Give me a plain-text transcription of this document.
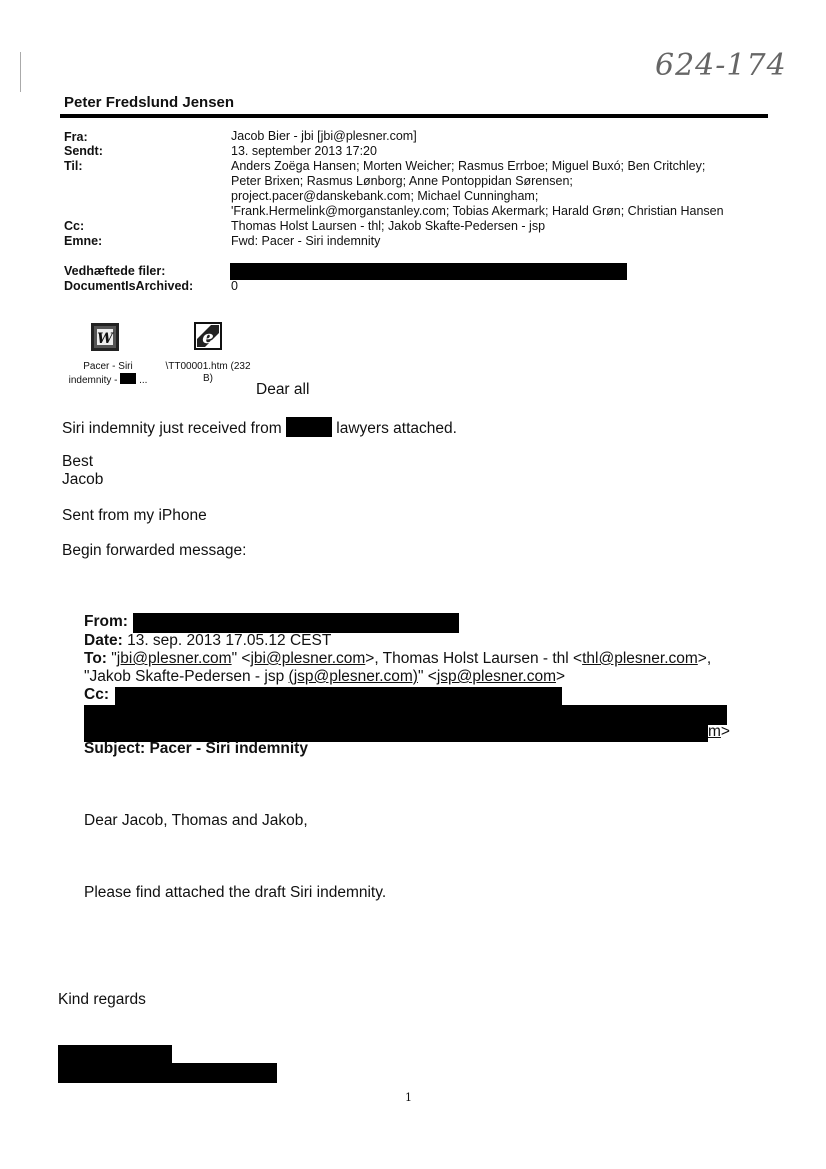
624-174
Peter Fredslund Jensen
Fra:
Sendt:
Til:
Cc:
Emne:
Vedhæftede filer:
DocumentIsArchived:
Jacob Bier - jbi [jbi@plesner.com]
13. september 2013 17:20
Anders Zoëga Hansen; Morten Weicher; Rasmus Errboe; Miguel Buxó; Ben Critchley;
Peter Brixen; Rasmus Lønborg; Anne Pontoppidan Sørensen;
project.pacer@danskebank.com; Michael Cunningham;
'Frank.Hermelink@morganstanley.com; Tobias Akermark; Harald Grøn; Christian Hansen
Thomas Holst Laursen - thl; Jakob Skafte-Pedersen - jsp
Fwd: Pacer - Siri indemnity
0
W	e
Pacer - Siri
indemnity - ...
\TT00001.htm (232
B)
Dear all
Siri indemnity just received from	lawyers attached.
Best
Jacob
Sent from my iPhone
Begin forwarded message:
From:
Date: 13. sep. 2013 17.05.12 CEST
To: "jbi@plesner.com" <jbi@plesner.com>, Thomas Holst Laursen - thl <thl@plesner.com>,
"Jakob Skafte-Pedersen - jsp (jsp@plesner.com)" <jsp@plesner.com>
Cc:
m>
Subject: Pacer - Siri indemnity
Dear Jacob, Thomas and Jakob,
Please find attached the draft Siri indemnity.
Kind regards
1
